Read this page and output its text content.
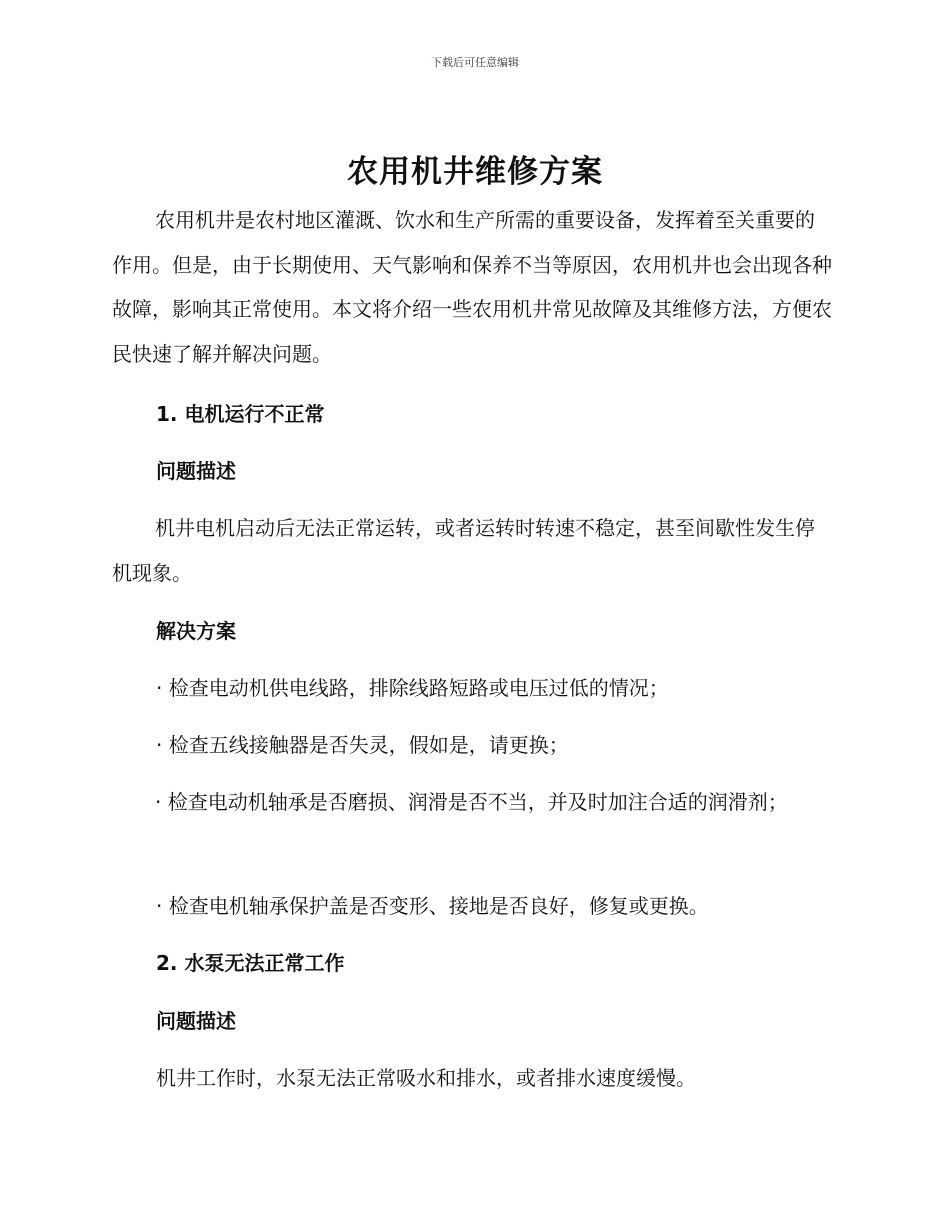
下载后可任意编辑
农用机井维修方案

农用机井是农村地区灌溉、饮水和生产所需的重要设备，发挥着至关重要的作用。但是，由于长期使用、天气影响和保养不当等原因，农用机井也会出现各种故障，影响其正常使用。本文将介绍一些农用机井常见故障及其维修方法，方便农民快速了解并解决问题。

1. 电机运行不正常

问题描述

机井电机启动后无法正常运转，或者运转时转速不稳定，甚至间歇性发生停机现象。

解决方案

· 检查电动机供电线路，排除线路短路或电压过低的情况；

· 检查五线接触器是否失灵，假如是，请更换；

· 检查电动机轴承是否磨损、润滑是否不当，并及时加注合适的润滑剂；

· 检查电机轴承保护盖是否变形、接地是否良好，修复或更换。

2. 水泵无法正常工作

问题描述

机井工作时，水泵无法正常吸水和排水，或者排水速度缓慢。
